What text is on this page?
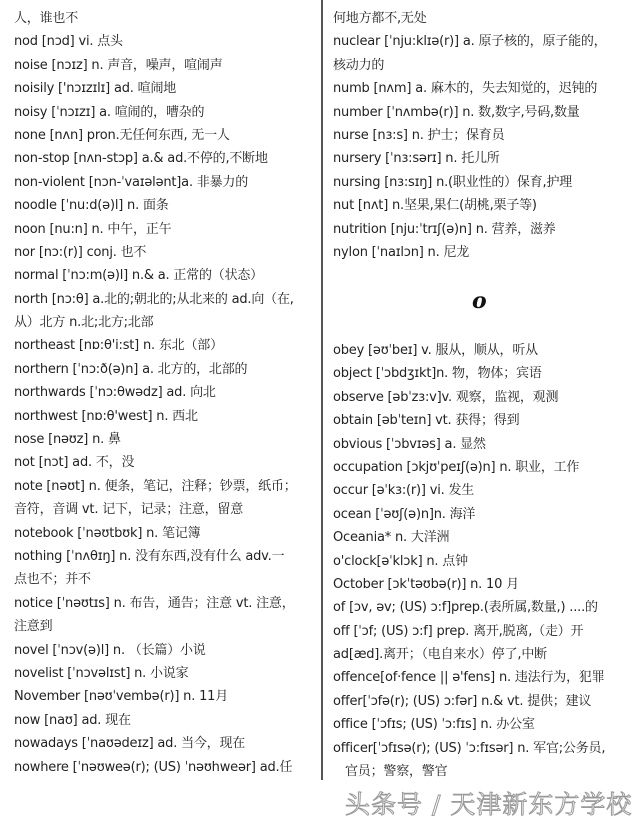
人，谁也不
nod [nɔd] vi. 点头
noise [nɔɪz] n. 声音，噪声，喧闹声
noisily ['nɔɪzɪlɪ] ad. 喧闹地
noisy [ˈnɔɪzɪ] a. 喧闹的，嘈杂的
none [nʌn] pron.无任何东西, 无一人
non-stop [nʌn-stɔp] a.& ad.不停的,不断地
non-violent [nɔn-ˈvaɪəlәnt]a. 非暴力的
noodle [ˈnu:d(ə)l] n. 面条
noon [nu:n] n. 中午，正午
nor [nɔ:(r)] conj. 也不
normal [ˈnɔ:m(ə)l] n.& a. 正常的（状态）
north [nɔ:θ] a.北的;朝北的;从北来的 ad.向（在,
从）北方 n.北;北方;北部
northeast [nɒ:θ'i:st] n. 东北（部）
northern [ˈnɔ:ð(ə)n] a. 北方的，北部的
northwards [ˈnɔ:θwədz] ad. 向北
northwest [nɒ:θ'west] n. 西北
nose [nəʊz] n. 鼻
not [nɔt] ad. 不，没
note [nəʊt] n. 便条，笔记，注释；钞票，纸币；
音符，音调 vt. 记下，记录；注意，留意
notebook [ˈnəʊtbʊk] n. 笔记簿
nothing [ˈnʌθɪŋ] n. 没有东西,没有什么 adv.一
点也不；并不
notice [ˈnəʊtɪs] n. 布告，通告；注意 vt. 注意，
注意到
novel [ˈnɔv(ə)l] n. （长篇）小说
novelist [ˈnɔvəlɪst] n. 小说家
November [nəʊˈvembə(r)] n. 11月
now [naʊ] ad. 现在
nowadays [ˈnaʊədeɪz] ad. 当今，现在
nowhere [ˈnəʊweə(r); (US) ˈnəʊhweər] ad.任
何地方都不,无处
nuclear [ˈnju:klɪə(r)] a. 原子核的，原子能的，
核动力的
numb [nʌm] a. 麻木的，失去知觉的，迟钝的
number [ˈnʌmbə(r)] n. 数,数字,号码,数量
nurse [nɜ:s] n. 护士；保育员
nursery [ˈnɜ:sərɪ] n. 托儿所
nursing [nɜ:sɪŋ] n.(职业性的）保育,护理
nut [nʌt] n.坚果,果仁(胡桃,栗子等)
nutrition [nju:ˈtrɪʃ(ə)n] n. 营养，滋养
nylon [ˈnaɪlɔn] n. 尼龙
o
obey [əʊˈbeɪ] v. 服从，顺从，听从
object [ˈɔbdʒɪkt]n. 物，物体；宾语
observe [əbˈzɜ:v]v. 观察，监视，观测
obtain [əbˈteɪn] vt. 获得；得到
obvious [ˈɔbvɪəs] a. 显然
occupation [ɔkjʊˈpeɪʃ(ə)n] n. 职业，工作
occur [əˈkɜ:(r)] vi. 发生
ocean [ˈəʊʃ(ə)n]n. 海洋
Oceania* n. 大洋洲
o'clock[əˈklɔk] n. 点钟
October [ɔkˈtəʊbə(r)] n. 10 月
of [ɔv, əv; (US) ɔ:f]prep.(表所属,数量,) ....的
off [ˈɔf; (US) ɔ:f] prep. 离开,脱离,（走）开
ad[æd].离开；（电自来水）停了,中断
offence[of·fence || ə'fens] n. 违法行为，犯罪
offer[ˈɔfə(r); (US) ɔ:fər] n.& vt. 提供；建议
office [ˈɔfɪs; (US) ˈɔ:fɪs] n. 办公室
officer[ˈɔfɪsə(r); (US) ˈɔ:fɪsər] n. 军官;公务员,
官员；警察，警官
头条号 / 天津新东方学校
